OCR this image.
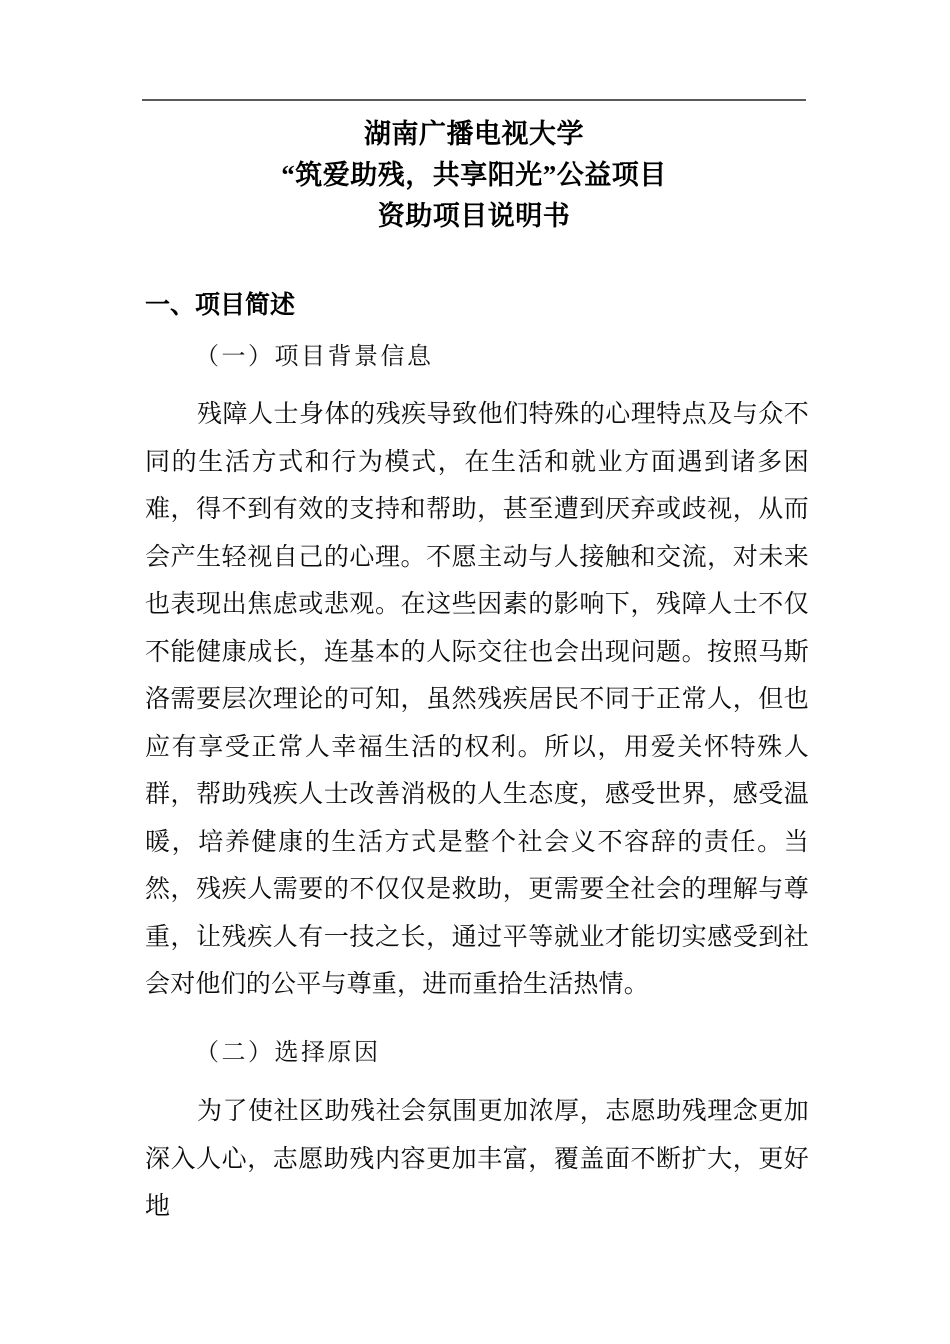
湖南广播电视大学
“筑爱助残，共享阳光”公益项目
资助项目说明书
一、项目简述
（一）项目背景信息
残障人士身体的残疾导致他们特殊的心理特点及与众不同的生活方式和行为模式，在生活和就业方面遇到诸多困难，得不到有效的支持和帮助，甚至遭到厌弃或歧视，从而会产生轻视自己的心理。不愿主动与人接触和交流，对未来也表现出焦虑或悲观。在这些因素的影响下，残障人士不仅不能健康成长，连基本的人际交往也会出现问题。按照马斯洛需要层次理论的可知，虽然残疾居民不同于正常人，但也应有享受正常人幸福生活的权利。所以，用爱关怀特殊人群，帮助残疾人士改善消极的人生态度，感受世界，感受温暖，培养健康的生活方式是整个社会义不容辞的责任。当然，残疾人需要的不仅仅是救助，更需要全社会的理解与尊重，让残疾人有一技之长，通过平等就业才能切实感受到社会对他们的公平与尊重，进而重拾生活热情。
（二）选择原因
为了使社区助残社会氛围更加浓厚，志愿助残理念更加深入人心，志愿助残内容更加丰富，覆盖面不断扩大，更好地
